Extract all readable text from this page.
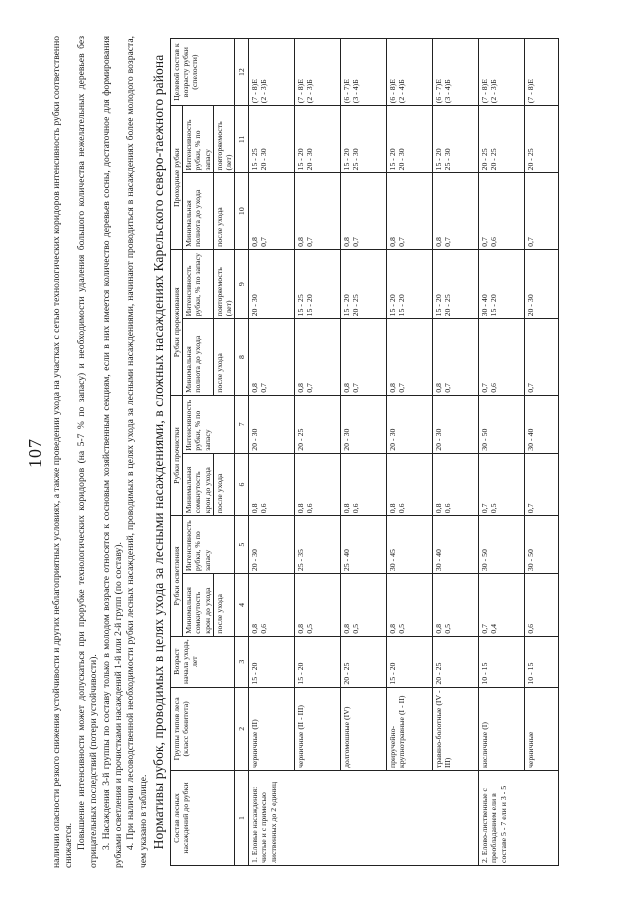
107 наличии опасности резкого снижения устойчивости и других неблагоприятных условиях, а также проведении ухода на участках с сетью технологических коридоров интенсивность рубки соответственно снижается. Повышение интенсивности может допускаться при прорубке технологических коридоров (на 5-7 % по запасу) и необходимости удаления большого количества нежелательных деревьев без отрицательных последствий (потери устойчивости). 3. Насаждения 3-й группы по составу только в молодом возрасте относятся к сосновым хозяйственным секциям, если в них имеется количество деревьев сосны, достаточное для формирования рубками осветления и прочистками насаждений 1-й или 2-й групп (по составу). 4. При наличии лесоводственной необходимости рубки лесных насаждений, проводимых в целях ухода за лесными насаждениями, начинают проводиться в насаждениях более молодого возраста, чем указано в таблице. Нормативы рубок, проводимых в целях ухода за лесными насаждениями, в сложных насаждениях Карельского северо-таежного района Состав лесных насаждений до рубки	Группы типов леса (класс бонитета)	Возраст начала ухода, лет	Рубки осветления		Рубки прочистки		Рубки прореживания		Проходные рубки		Целевой состав к возрасту рубки (спелости)
			Минимальная сомкнутость крон до ухода	Интенсивность рубки, % по запасу	Минимальная сомкнутость крон до ухода	Интенсивность рубки, % по запасу	Минимальная полнота до ухода	Интенсивность рубки, % по запасу	Минимальная полнота до ухода	Интенсивность рубки, % по запасу	
			после ухода		после ухода		после ухода	повторяемость (лет)	после ухода	повторяемость (лет)	
1	2	3	4	5	6	7	8	9	10	11	12
1. Еловые насаждения: чистые и с примесью лиственных до 2 единиц	черничные (II)	15 - 20	0,8 0,6	20 - 30	0,8 0,6	20 - 30	0,8 0,7	20 - 30	0,8 0,7	15 - 25 20 - 30	(7 - 8)Е (2 - 3)Б

	черничные (II - III)	15 - 20	0,8 0,5	25 - 35	0,8 0,6	20 - 25	0,8 0,7	15 - 25 15 - 20	0,8 0,7	15 - 20 20 - 30	(7 - 8)Е (2 - 3)Б

	долгомошные (IV)	20 - 25	0,8 0,5	25 - 40	0,8 0,6	20 - 30	0,8 0,7	15 - 20 20 - 25	0,8 0,7	15 - 20 25 - 30	(6 - 7)Е (3 - 4)Б

	приручейно-крупнотравные (I - II)	15 - 20	0,8 0,5	30 - 45	0,8 0,6	20 - 30	0,8 0,7	15 - 20 15 - 20	0,8 0,7	15 - 20 20 - 30	(6 - 8)Е (2 - 4)Б

	травяно-болотные (IV - III)	20 - 25	0,8 0,5	30 - 40	0,8 0,6	20 - 30	0,8 0,7	15 - 20 20 - 25	0,8 0,7	15 - 20 25 - 30	(6 - 7)Е (3 - 4)Б

2. Елово-лиственные с преобладанием ели в составе 5 - 7 ели и 3 - 5	кисличные (I)	10 - 15	0,7 0,4	30 - 50	0,7 0,5	30 - 50	0,7 0,6	30 - 40 15 - 20	0,7 0,6	20 - 25 20 - 25	(7 - 8)Е (2 - 3)Б

	черничные	10 - 15	0,6	30 - 50	0,7	30 - 40	0,7	20 - 30	0,7	20 - 25	(7 - 8)Е
